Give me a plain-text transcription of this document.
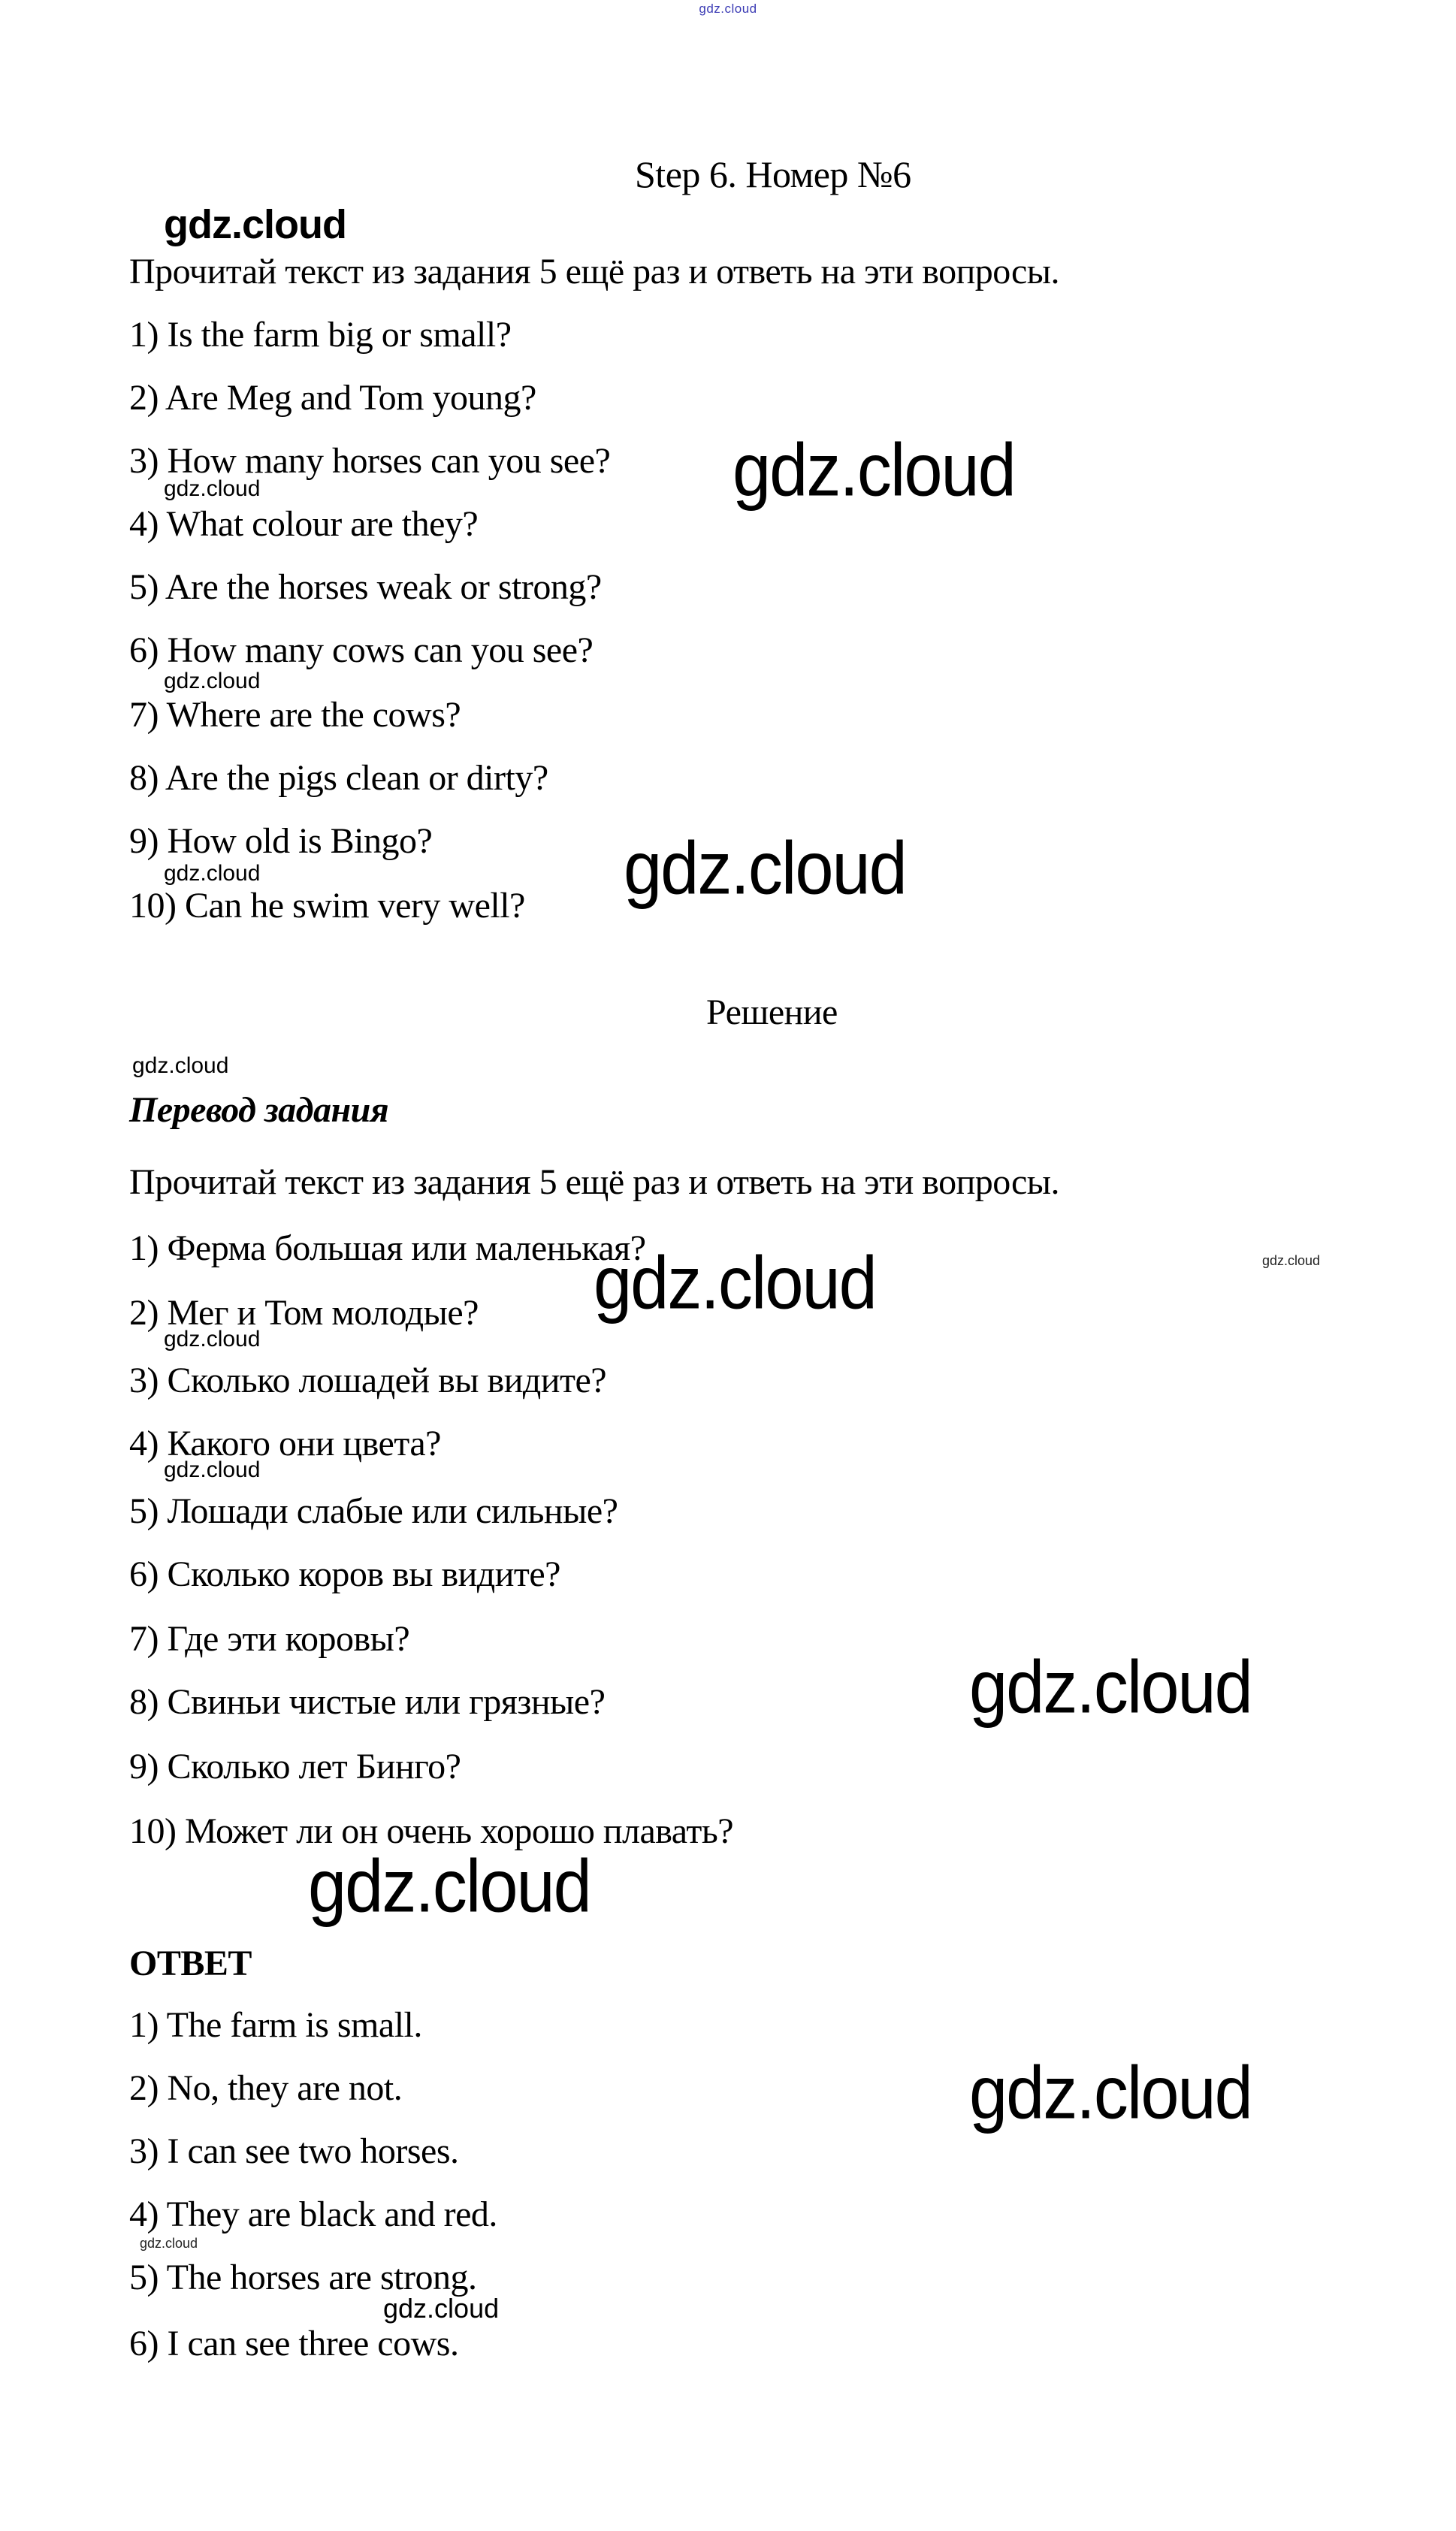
gdz.cloud
Step 6. Номер №6
gdz.cloud
Прочитай текст из задания 5 ещё раз и ответь на эти вопросы.
1) Is the farm big or small?
2) Are Meg and Tom young?
3) How many horses can you see? gdz.cloud
gdz.cloud
4) What colour are they?
5) Are the horses weak or strong?
6) How many cows can you see?
gdz.cloud
7) Where are the cows?
8) Are the pigs clean or dirty?
9) How old is Bingo?
gdz.cloud	gdz.cloud
10) Can he swim very well?
Решение
gdz.cloud
Перевод задания
Прочитай текст из задания 5 ещё раз и ответь на эти вопросы.
1) Ферма большая или маленькая?	gdz.cloud
gdz.cloud
2) Мег и Том молодые?
gdz.cloud
3) Сколько лошадей вы видите?
4) Какого они цвета?
gdz.cloud
5) Лошади слабые или сильные?
6) Сколько коров вы видите?
7) Где эти коровы?
8) Свиньи чистые или грязные?	gdz.cloud
9) Сколько лет Бинго?
10) Может ли он очень хорошо плавать?
gdz.cloud
ОТВЕТ
1) The farm is small.
2) No, they are not.	gdz.cloud
3) I can see two horses.
4) They are black and red.
gdz.cloud
5) The horses are strong.
gdz.cloud
6) I can see three cows.
